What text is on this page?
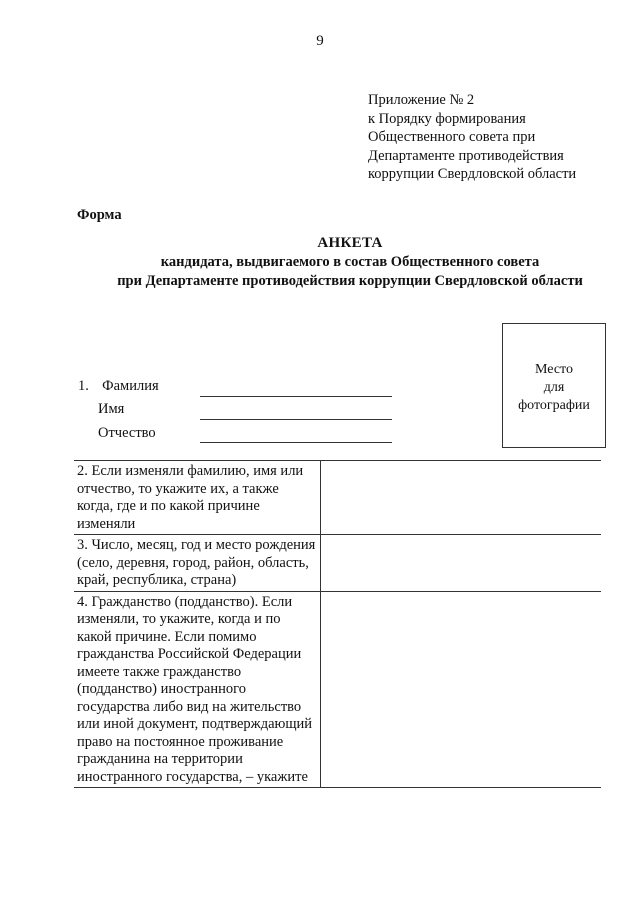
9
Приложение № 2
к Порядку формирования
Общественного совета при
Департаменте противодействия
коррупции Свердловской области
Форма
АНКЕТА
кандидата, выдвигаемого в состав Общественного совета
при Департаменте противодействия коррупции Свердловской области
Место
для
фотографии
1. Фамилия
Имя
Отчество
2. Если изменяли фамилию, имя или отчество, то укажите их, а также когда, где и по какой причине изменяли	
3. Число, месяц, год и место рождения (село, деревня, город, район, область, край, республика, страна)	
4. Гражданство (подданство). Если изменяли, то укажите, когда и по какой причине. Если помимо гражданства Российской Федерации имеете также гражданство (подданство) иностранного государства либо вид на жительство или иной документ, подтверждающий право на постоянное проживание гражданина на территории иностранного государства, – укажите	
